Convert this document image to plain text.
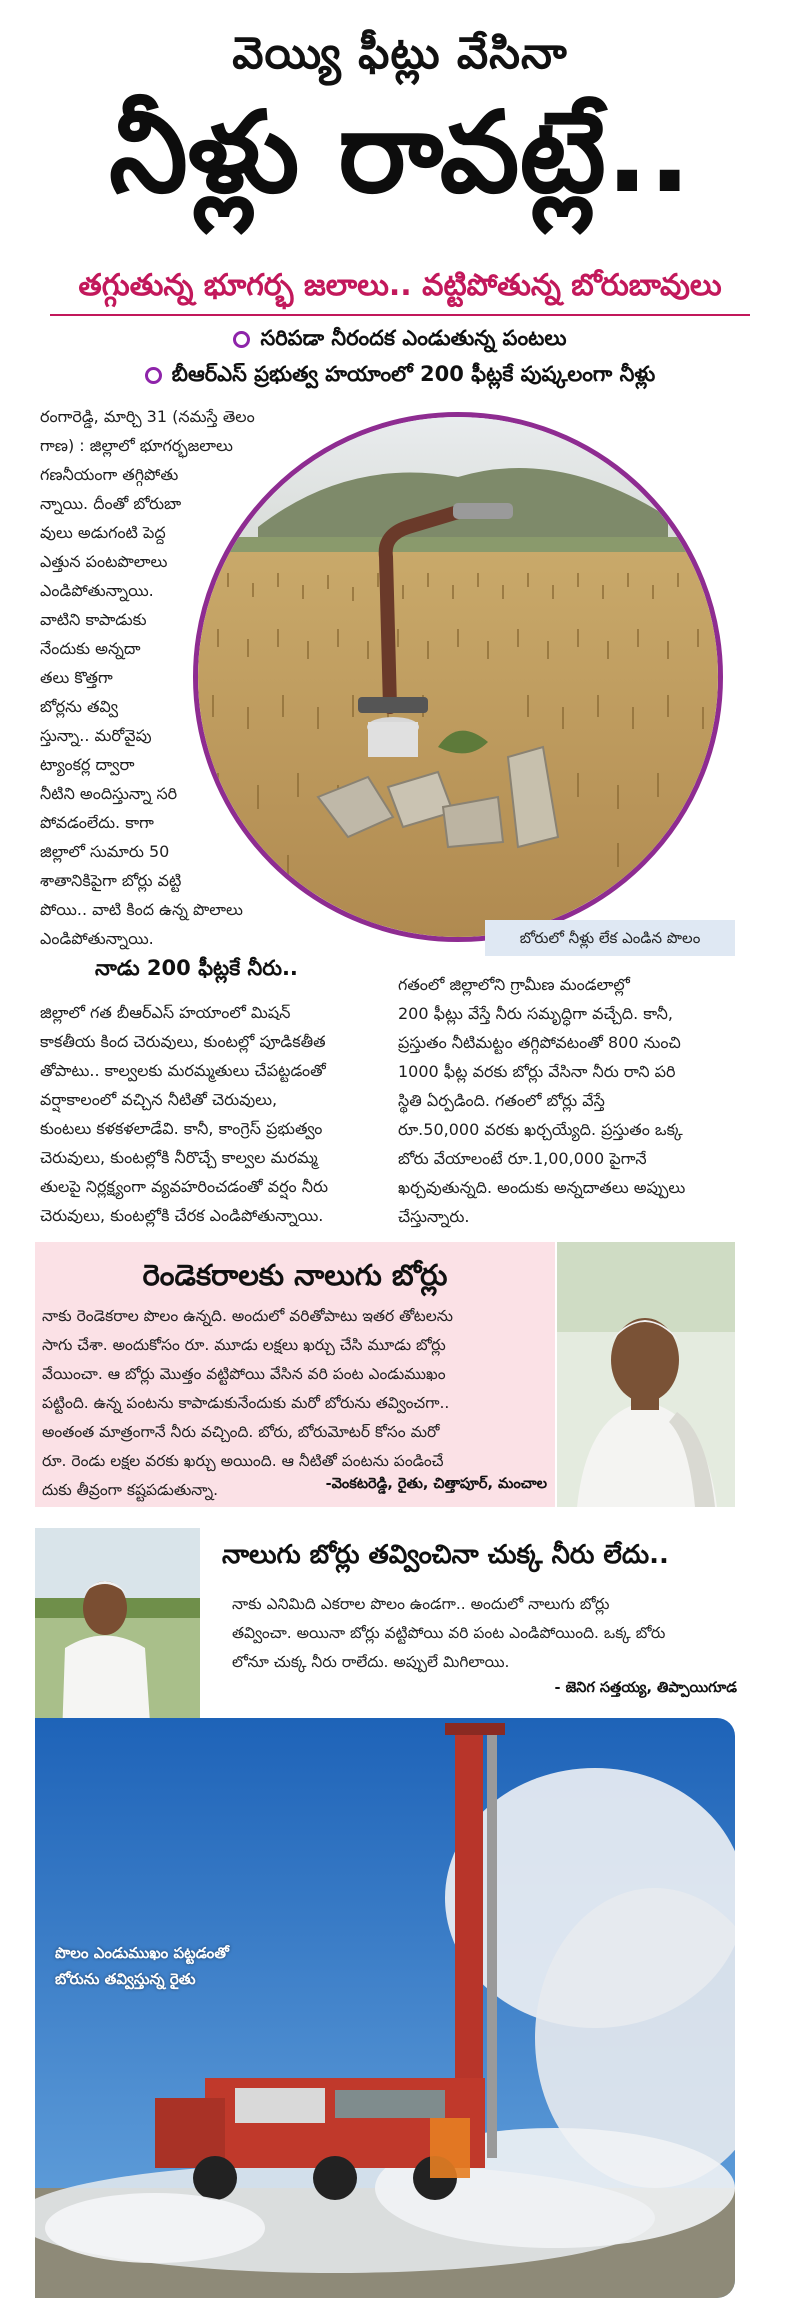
వెయ్యి ఫీట్లు వేసినా
నీళ్లు రావట్లే..
తగ్గుతున్న భూగర్భ జలాలు.. వట్టిపోతున్న బోరుబావులు
సరిపడా నీరందక ఎండుతున్న పంటలు
బీఆర్‌ఎస్‌ ప్రభుత్వ హయాంలో 200 ఫీట్లకే పుష్కలంగా నీళ్లు
రంగారెడ్డి, మార్చి 31 (నమస్తే తెలం
గాణ) : జిల్లాలో భూగర్భజలాలు
గణనీయంగా తగ్గిపోతు
న్నాయి. దీంతో బోరుబా
వులు అడుగంటి పెద్ద
ఎత్తున పంటపొలాలు
ఎండిపోతున్నాయి.
వాటిని కాపాడుకు
నేందుకు అన్నదా
తలు కొత్తగా
బోర్లను తవ్వి
స్తున్నా.. మరోవైపు
ట్యాంకర్ల ద్వారా
నీటిని అందిస్తున్నా సరి
పోవడంలేదు. కాగా
జిల్లాలో సుమారు 50
శాతానికిపైగా బోర్లు వట్టి
పోయి.. వాటి కింద ఉన్న పొలాలు
ఎండిపోతున్నాయి.	బోరులో నీళ్లు లేక ఎండిన పొలం
నాడు 200 ఫీట్లకే నీరు..
జిల్లాలో గత బీఆర్‌ఎస్‌ హయాంలో మిషన్‌
కాకతీయ కింద చెరువులు, కుంటల్లో పూడికతీత
తోపాటు.. కాల్వలకు మరమ్మతులు చేపట్టడంతో
వర్షాకాలంలో వచ్చిన నీటితో చెరువులు,
కుంటలు కళకళలాడేవి. కానీ, కాంగ్రెస్‌ ప్రభుత్వం
చెరువులు, కుంటల్లోకి నీరొచ్చే కాల్వల మరమ్మ
తులపై నిర్లక్ష్యంగా వ్యవహరించడంతో వర్షం నీరు
చెరువులు, కుంటల్లోకి చేరక ఎండిపోతున్నాయి.
గతంలో జిల్లాలోని గ్రామీణ మండలాల్లో
200 ఫీట్లు వేస్తే నీరు సమృద్ధిగా వచ్చేది. కానీ,
ప్రస్తుతం నీటిమట్టం తగ్గిపోవటంతో 800 నుంచి
1000 ఫీట్ల వరకు బోర్లు వేసినా నీరు రాని పరి
స్థితి ఏర్పడింది. గతంలో బోర్లు వేస్తే
రూ.50,000 వరకు ఖర్చయ్యేది. ప్రస్తుతం ఒక్క
బోరు వేయాలంటే రూ.1,00,000 పైగానే
ఖర్చవుతున్నది. అందుకు అన్నదాతలు అప్పులు
చేస్తున్నారు.
రెండెకరాలకు నాలుగు బోర్లు
నాకు రెండెకరాల పొలం ఉన్నది. అందులో వరితోపాటు ఇతర తోటలను
సాగు చేశా. అందుకోసం రూ. మూడు లక్షలు ఖర్చు చేసి మూడు బోర్లు
వేయించా. ఆ బోర్లు మొత్తం వట్టిపోయి వేసిన వరి పంట ఎండుముఖం
పట్టింది. ఉన్న పంటను కాపాడుకునేందుకు మరో బోరును తవ్వించగా..
అంతంత మాత్రంగానే నీరు వచ్చింది. బోరు, బోరుమోటర్‌ కోసం మరో
రూ. రెండు లక్షల వరకు ఖర్చు అయింది. ఆ నీటితో పంటను పండించే
దుకు తీవ్రంగా కష్టపడుతున్నా.	-వెంకటరెడ్డి, రైతు, చిత్తాపూర్‌, మంచాల
నాలుగు బోర్లు తవ్వించినా చుక్క నీరు లేదు..
నాకు ఎనిమిది ఎకరాల పొలం ఉండగా.. అందులో నాలుగు బోర్లు
తవ్వించా. అయినా బోర్లు వట్టిపోయి వరి పంట ఎండిపోయింది. ఒక్క బోరు
లోనూ చుక్క నీరు రాలేదు. అప్పులే మిగిలాయి.
- జెనిగ సత్తయ్య, తిప్పాయిగూడ
పొలం ఎండుముఖం పట్టడంతో
బోరును తవ్విస్తున్న రైతు
